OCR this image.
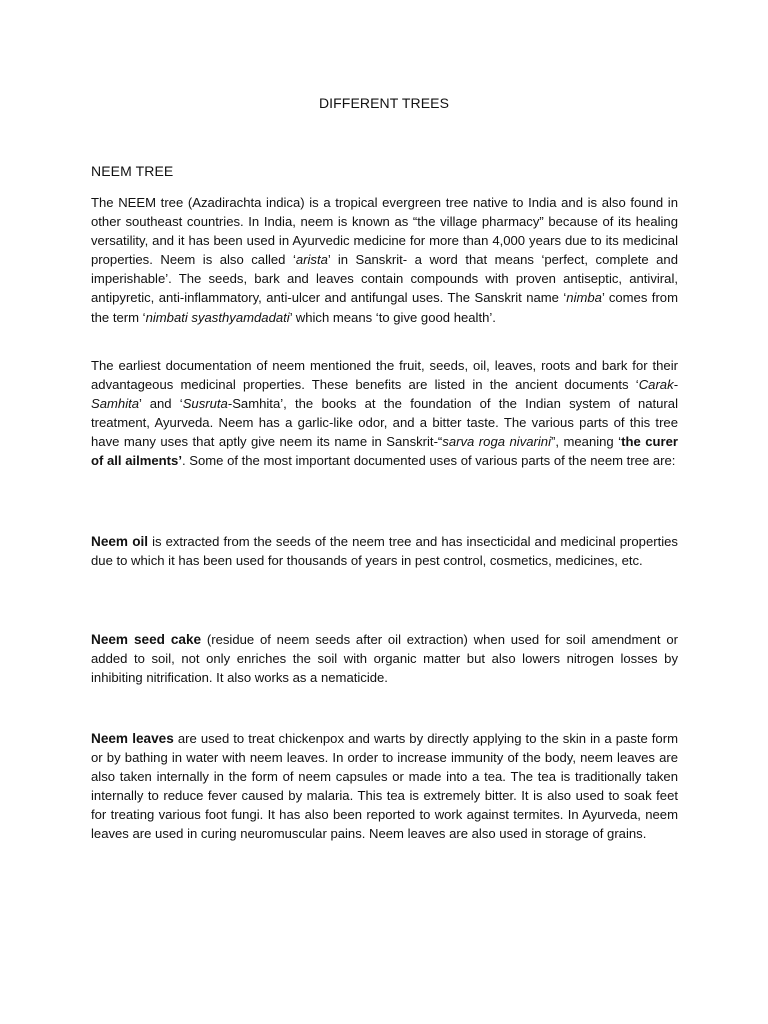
DIFFERENT TREES
NEEM TREE

The NEEM tree (Azadirachta indica) is a tropical evergreen tree native to India and is also found in other southeast countries. In India, neem is known as “the village pharmacy” because of its healing versatility, and it has been used in Ayurvedic medicine for more than 4,000 years due to its medicinal properties. Neem is also called ‘arista’ in Sanskrit- a word that means ‘perfect, complete and imperishable’. The seeds, bark and leaves contain compounds with proven antiseptic, antiviral, antipyretic, anti-inflammatory, anti-ulcer and antifungal uses. The Sanskrit name ‘nimba’ comes from the term ‘nimbati syasthyamdadati’ which means ‘to give good health’.

The earliest documentation of neem mentioned the fruit, seeds, oil, leaves, roots and bark for their advantageous medicinal properties. These benefits are listed in the ancient documents ‘Carak- Samhita’ and ‘Susruta-Samhita’, the books at the foundation of the Indian system of natural treatment, Ayurveda. Neem has a garlic-like odor, and a bitter taste. The various parts of this tree have many uses that aptly give neem its name in Sanskrit-“sarva roga nivarini”, meaning ‘the curer of all ailments’. Some of the most important documented uses of various parts of the neem tree are:

Neem oil is extracted from the seeds of the neem tree and has insecticidal and medicinal properties due to which it has been used for thousands of years in pest control, cosmetics, medicines, etc.

Neem seed cake (residue of neem seeds after oil extraction) when used for soil amendment or added to soil, not only enriches the soil with organic matter but also lowers nitrogen losses by inhibiting nitrification. It also works as a nematicide.

Neem leaves are used to treat chickenpox and warts by directly applying to the skin in a paste form or by bathing in water with neem leaves. In order to increase immunity of the body, neem leaves are also taken internally in the form of neem capsules or made into a tea. The tea is traditionally taken internally to reduce fever caused by malaria. This tea is extremely bitter. It is also used to soak feet for treating various foot fungi. It has also been reported to work against termites. In Ayurveda, neem leaves are used in curing neuromuscular pains. Neem leaves are also used in storage of grains.
